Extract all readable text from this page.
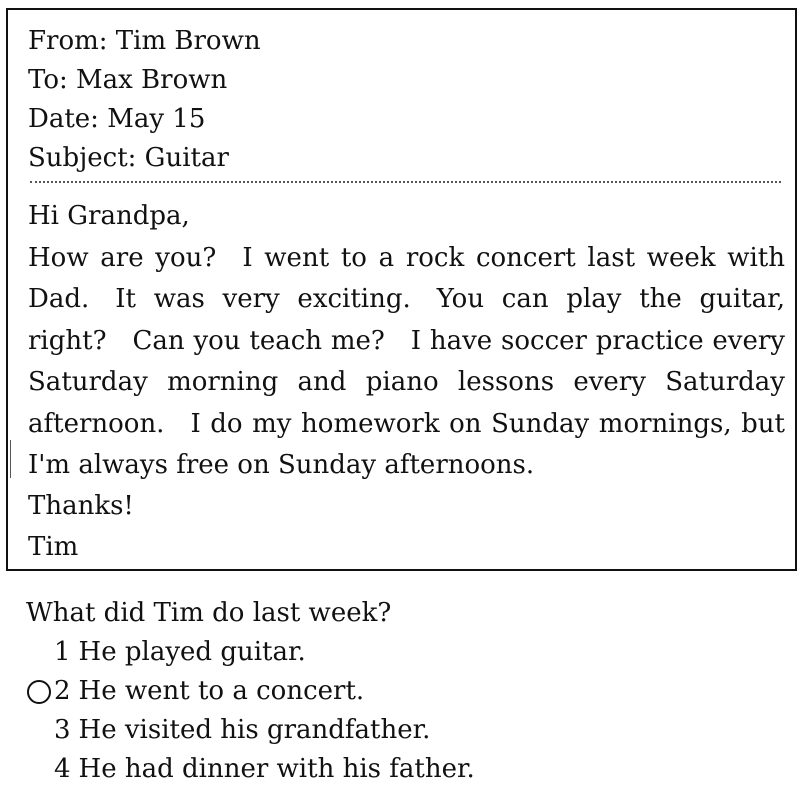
From: Tim Brown
To: Max Brown
Date: May 15
Subject: Guitar
Hi Grandpa,
How are you? I went to a rock concert last week with Dad. It was very exciting. You can play the guitar, right? Can you teach me? I have soccer practice every Saturday morning and piano lessons every Saturday afternoon. I do my homework on Sunday mornings, but I'm always free on Sunday afternoons.
Thanks!
Tim
What did Tim do last week?
1 He played guitar.
2 He went to a concert.
3 He visited his grandfather.
4 He had dinner with his father.
